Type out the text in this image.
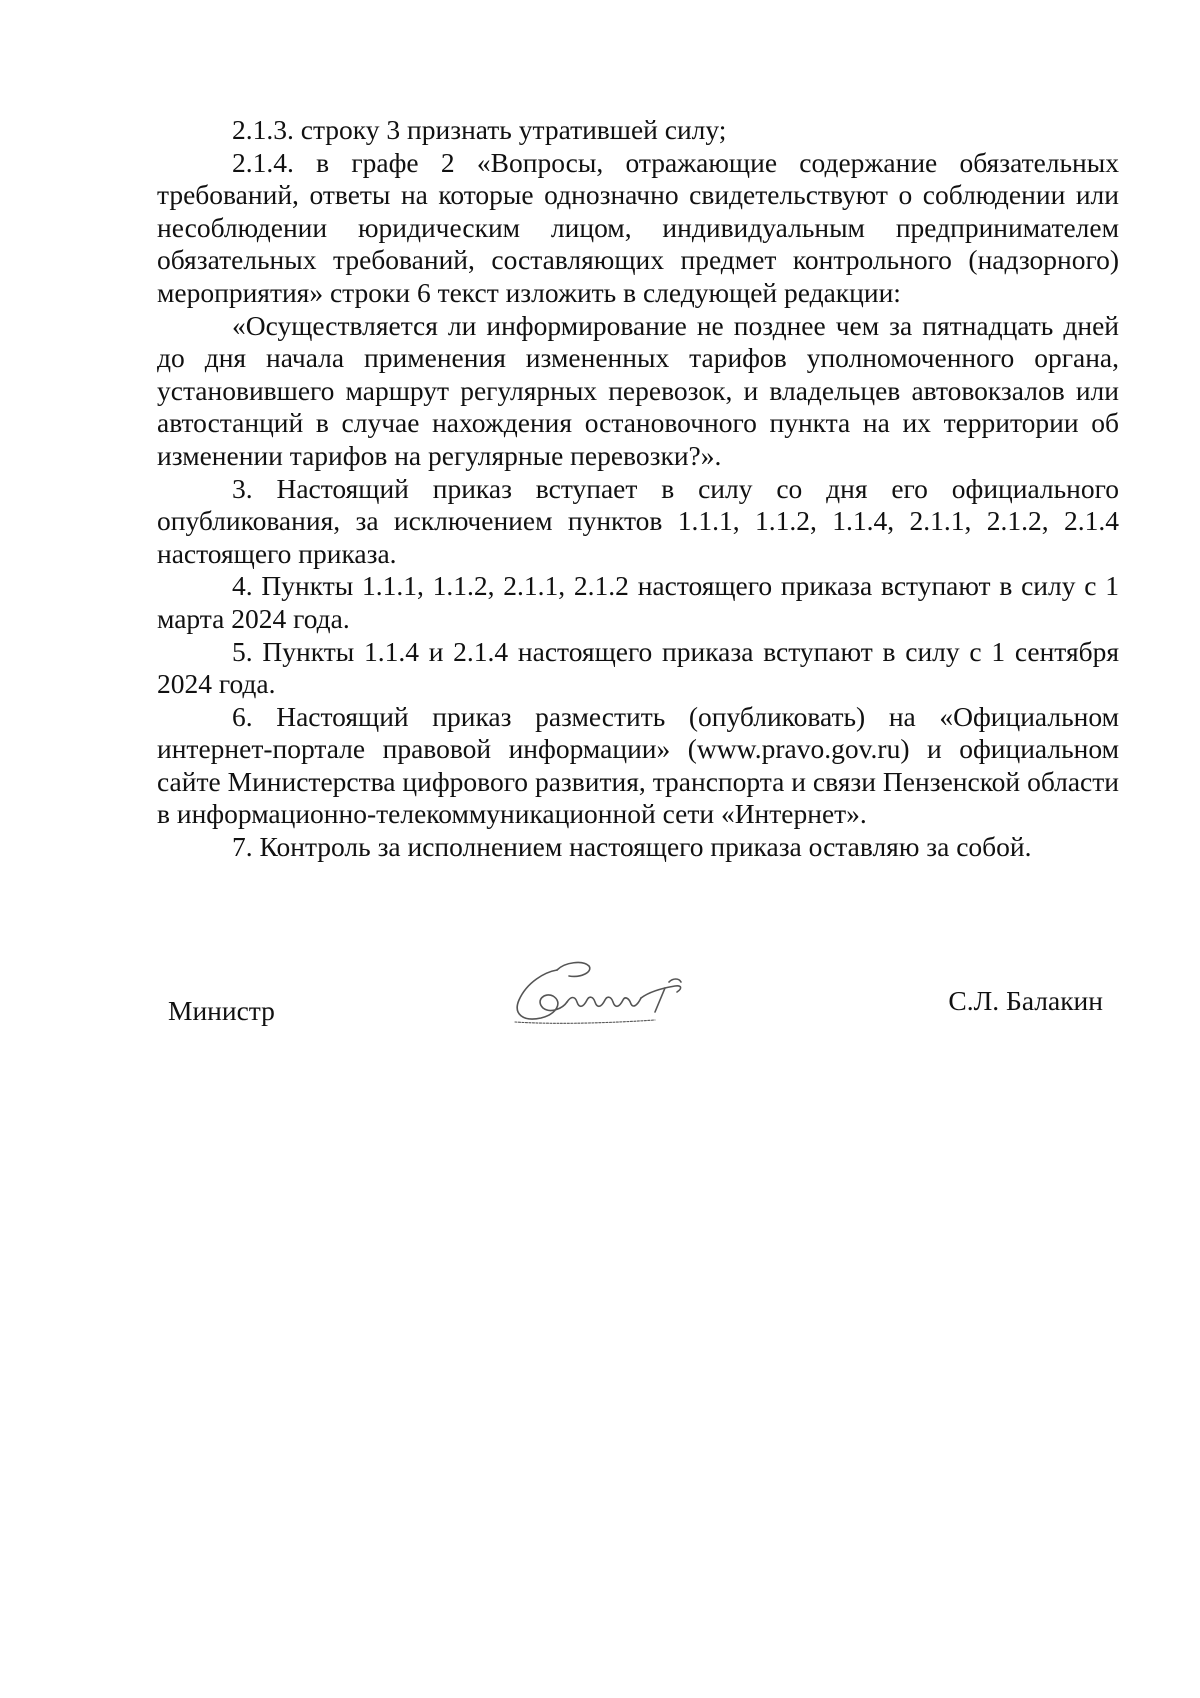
2.1.3. строку 3 признать утратившей силу;

2.1.4. в графе 2 «Вопросы, отражающие содержание обязательных требований, ответы на которые однозначно свидетельствуют о соблюдении или несоблюдении юридическим лицом, индивидуальным предпринимателем обязательных требований, составляющих предмет контрольного (надзорного) мероприятия» строки 6 текст изложить в следующей редакции:

«Осуществляется ли информирование не позднее чем за пятнадцать дней до дня начала применения измененных тарифов уполномоченного органа, установившего маршрут регулярных перевозок, и владельцев автовокзалов или автостанций в случае нахождения остановочного пункта на их территории об изменении тарифов на регулярные перевозки?».

3. Настоящий приказ вступает в силу со дня его официального опубликования, за исключением пунктов 1.1.1, 1.1.2, 1.1.4, 2.1.1, 2.1.2, 2.1.4 настоящего приказа.

4. Пункты 1.1.1, 1.1.2, 2.1.1, 2.1.2 настоящего приказа вступают в силу с 1 марта 2024 года.

5. Пункты 1.1.4 и 2.1.4 настоящего приказа вступают в силу с 1 сентября 2024 года.

6. Настоящий приказ разместить (опубликовать) на «Официальном интернет-портале правовой информации» (www.pravo.gov.ru) и официальном сайте Министерства цифрового развития, транспорта и связи Пензенской области в информационно-телекоммуникационной сети «Интернет».

7. Контроль за исполнением настоящего приказа оставляю за собой.

Министр	С.Л. Балакин
